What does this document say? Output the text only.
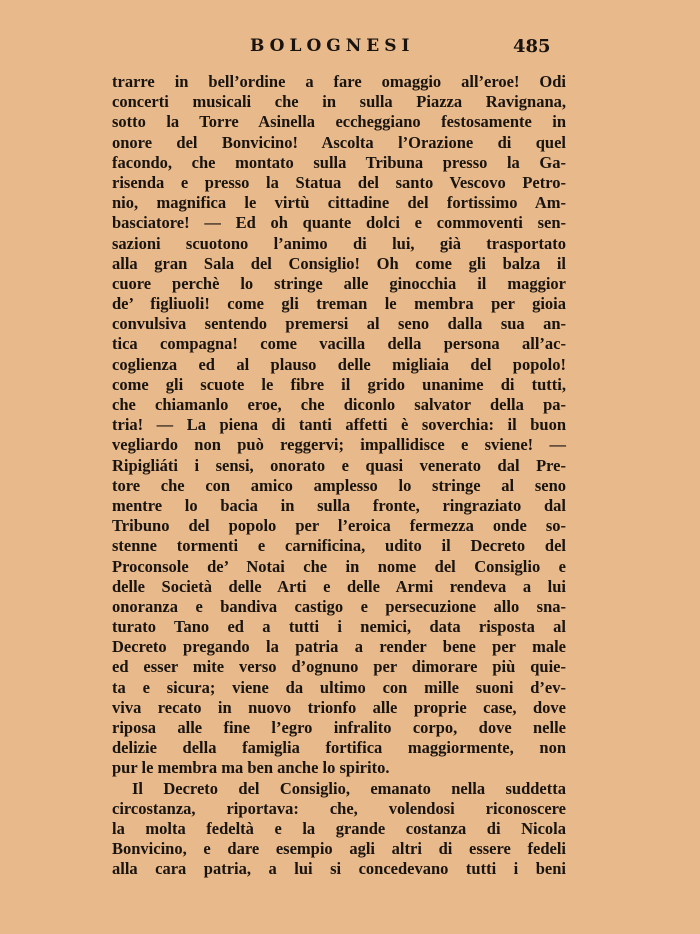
BOLOGNESI	485
trarre in bell’ordine a fare omaggio all’eroe! Odi
concerti musicali che in sulla Piazza Ravignana,
sotto la Torre Asinella eccheggiano festosamente in
onore del Bonvicino! Ascolta l’Orazione di quel
facondo, che montato sulla Tribuna presso la Ga-
risenda e presso la Statua del santo Vescovo Petro-
nio, magnifica le virtù cittadine del fortissimo Am-
basciatore! — Ed oh quante dolci e commoventi sen-
sazioni scuotono l’animo di lui, già trasportato
alla gran Sala del Consiglio! Oh come gli balza il
cuore perchè lo stringe alle ginocchia il maggior
de’ figliuoli! come gli treman le membra per gioia
convulsiva sentendo premersi al seno dalla sua an-
tica compagna! come vacilla della persona all’ac-
coglienza ed al plauso delle migliaia del popolo!
come gli scuote le fibre il grido unanime di tutti,
che chiamanlo eroe, che diconlo salvator della pa-
tria! — La piena di tanti affetti è soverchia: il buon
vegliardo non può reggervi; impallidisce e sviene! —
Ripigliáti i sensi, onorato e quasi venerato dal Pre-
tore che con amico amplesso lo stringe al seno
mentre lo bacia in sulla fronte, ringraziato dal
Tribuno del popolo per l’eroica fermezza onde so-
stenne tormenti e carnificina, udito il Decreto del
Proconsole de’ Notai che in nome del Consiglio e
delle Società delle Arti e delle Armi rendeva a lui
onoranza e bandiva castigo e persecuzione allo sna-
turato Tano ed a tutti i nemici, data risposta al
Decreto pregando la patria a render bene per male
ed esser mite verso d’ognuno per dimorare più quie-
ta e sicura; viene da ultimo con mille suoni d’ev-
viva recato in nuovo trionfo alle proprie case, dove
riposa alle fine l’egro infralito corpo, dove nelle
delizie della famiglia fortifica maggiormente, non
pur le membra ma ben anche lo spirito.
Il Decreto del Consiglio, emanato nella suddetta
circostanza, riportava: che, volendosi riconoscere
la molta fedeltà e la grande costanza di Nicola
Bonvicino, e dare esempio agli altri di essere fedeli
alla cara patria, a lui si concedevano tutti i beni
